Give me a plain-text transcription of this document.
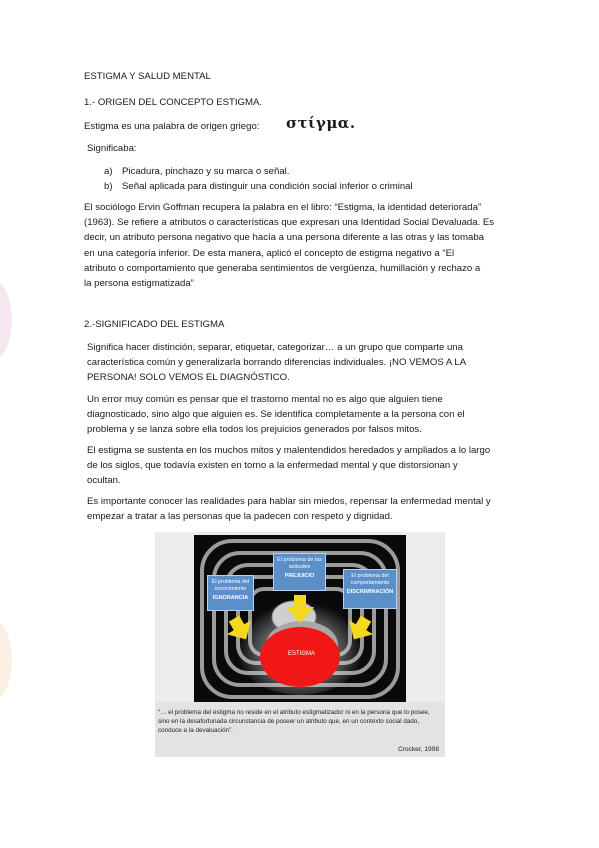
ESTIGMA Y SALUD MENTAL
1.- ORIGEN DEL CONCEPTO ESTIGMA.
Estigma es una palabra de origen griego: στίγμα.
Significaba:
a) Picadura, pinchazo y su marca o señal.
b) Señal aplicada para distinguir una condición social inferior o criminal
El sociólogo Ervin Goffman recupera la palabra en el libro: “Estigma, la identidad deteriorada”
(1963). Se refiere a atributos o características que expresan una Identidad Social Devaluada. Es
decir, un atributo persona negativo que hacía a una persona diferente a las otras y las tomaba
en una categoría inferior. De esta manera, aplicó el concepto de estigma negativo a “El
atributo o comportamiento que generaba sentimientos de vergüenza, humillación y rechazo a
la persona estigmatizada”
2.-SIGNIFICADO DEL ESTIGMA
Significa hacer distinción, separar, etiquetar, categorizar… a un grupo que comparte una
característica común y generalizarla borrando diferencias individuales. ¡NO VEMOS A LA
PERSONA! SOLO VEMOS EL DIAGNÓSTICO.
Un error muy común es pensar que el trastorno mental no es algo que alguien tiene
diagnosticado, sino algo que alguien es. Se identifica completamente a la persona con el
problema y se lanza sobre ella todos los prejuicios generados por falsos mitos.
El estigma se sustenta en los muchos mitos y malentendidos heredados y ampliados a lo largo
de los siglos, que todavía existen en torno a la enfermedad mental y que distorsionan y
ocultan.
Es importante conocer las realidades para hablar sin miedos, repensar la enfermedad mental y
empezar a tratar a las personas que la padecen con respeto y dignidad.
El problema del conocimiento
IGNORANCIA
El problema de las actitudes
PREJUICIO	El problema del comportamiento
DISCRIMINACIÓN
ESTIGMA
“… el problema del estigma no reside en el atributo estigmatizador ni en la persona que lo posee, sino en la desafortunada circunstancia de poseer un atributo que, en un contexto social dado, conduce a la devaluación”.
Crocker, 1998
